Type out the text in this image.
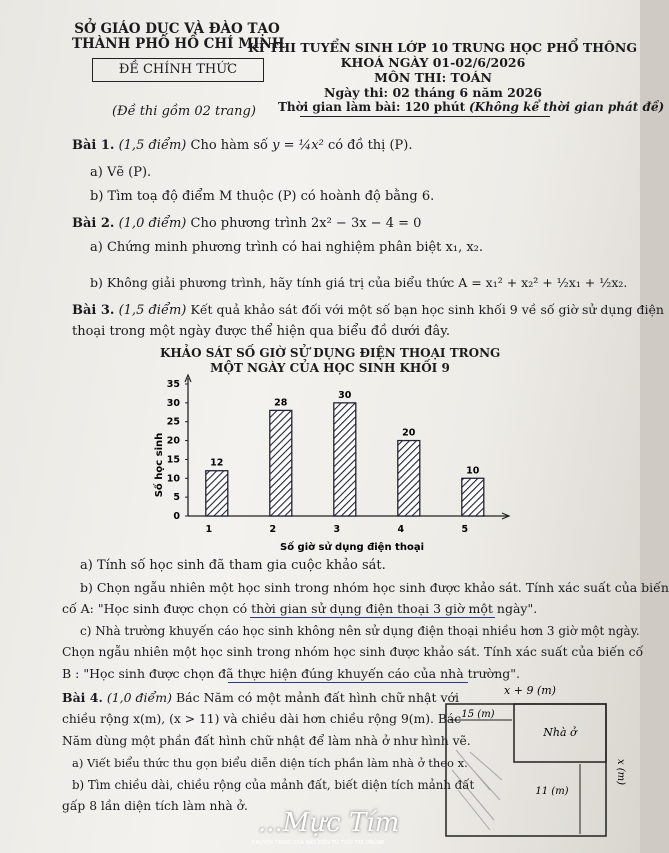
SỞ GIÁO DỤC VÀ ĐÀO TẠO
THÀNH PHỐ HỒ CHÍ MINH
ĐỀ CHÍNH THỨC
(Đề thi gồm 02 trang)
KÌ THI TUYỂN SINH LỚP 10 TRUNG HỌC PHỔ THÔNG
KHOÁ NGÀY 01-02/6/2026
MÔN THI: TOÁN
Ngày thi: 02 tháng 6 năm 2026
Thời gian làm bài: 120 phút (Không kể thời gian phát đề)
Bài 1. (1,5 điểm) Cho hàm số y = ¼x² có đồ thị (P).
a) Vẽ (P).
b) Tìm toạ độ điểm M thuộc (P) có hoành độ bằng 6.
Bài 2. (1,0 điểm) Cho phương trình 2x² − 3x − 4 = 0
a) Chứng minh phương trình có hai nghiệm phân biệt x₁, x₂.
b) Không giải phương trình, hãy tính giá trị của biểu thức A = x₁² + x₂² + ½x₁ + ½x₂.
Bài 3. (1,5 điểm) Kết quả khảo sát đối với một số bạn học sinh khối 9 về số giờ sử dụng điện
thoại trong một ngày được thể hiện qua biểu đồ dưới đây.
KHẢO SÁT SỐ GIỜ SỬ DỤNG ĐIỆN THOẠI TRONG
MỘT NGÀY CỦA HỌC SINH KHỐI 9
0
5
10
15
20
25
30
35
12
1
28
2
30
3
20
4
10
5
Số học sinh
Số giờ sử dụng điện thoại
a) Tính số học sinh đã tham gia cuộc khảo sát.
b) Chọn ngẫu nhiên một học sinh trong nhóm học sinh được khảo sát. Tính xác suất của biến
cố A: "Học sinh được chọn có thời gian sử dụng điện thoại 3 giờ một ngày".
c) Nhà trường khuyến cáo học sinh không nên sử dụng điện thoại nhiều hơn 3 giờ một ngày.
Chọn ngẫu nhiên một học sinh trong nhóm học sinh được khảo sát. Tính xác suất của biến cố
B : "Học sinh được chọn đã thực hiện đúng khuyến cáo của nhà trường".
Bài 4. (1,0 điểm) Bác Năm có một mảnh đất hình chữ nhật với
chiều rộng x(m), (x > 11) và chiều dài hơn chiều rộng 9(m). Bác
Năm dùng một phần đất hình chữ nhật để làm nhà ở như hình vẽ.
a) Viết biểu thức thu gọn biểu diễn diện tích phần làm nhà ở theo x.
b) Tìm chiều dài, chiều rộng của mảnh đất, biết diện tích mảnh đất
gấp 8 lần diện tích làm nhà ở.
x + 9 (m)
15 (m)
Nhà ở
11 (m)
x (m)
...Mực Tím
CHUYÊN TRANG CỦA BÁO ĐIỆN TỬ TUỔI TRẺ ONLINE
